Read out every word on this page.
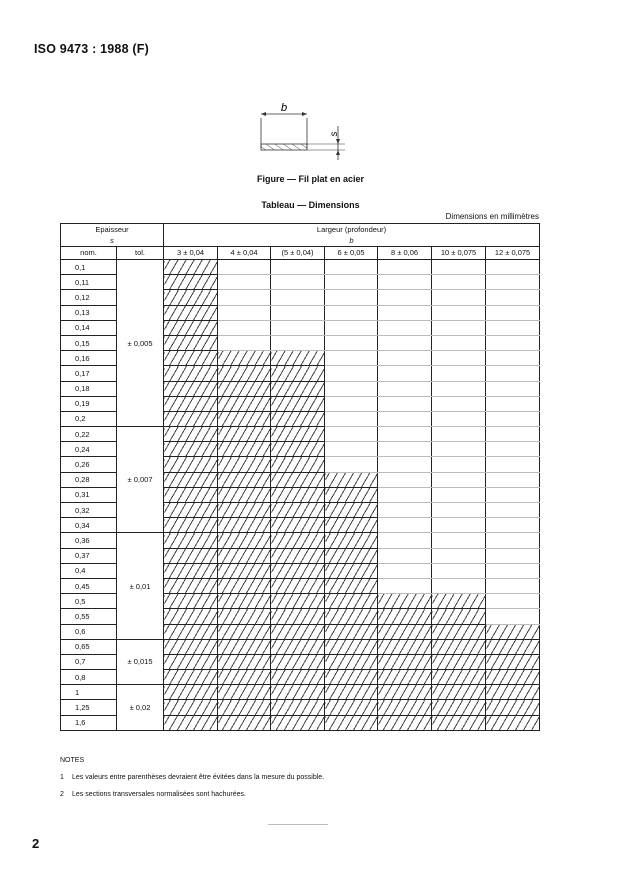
ISO 9473 : 1988 (F)
b
s
Figure — Fil plat en acier
Tableau — Dimensions
Dimensions en millimètres
Epaisseur		Largeur (profondeur)						
s		b						
nom.	tol.	3 ± 0,04	4 ± 0,04	(5 ± 0,04)	6 ± 0,05	8 ± 0,06	10 ± 0,075	12 ± 0,075
0,1	± 0,005							
0,11								
0,12								
0,13								
0,14								
0,15								
0,16								
0,17								
0,18								
0,19								
0,2								
0,22	± 0,007							
0,24								
0,26								
0,28								
0,31								
0,32								
0,34								
0,36	± 0,01							
0,37								
0,4								
0,45								
0,5								
0,55								
0,6								
0,65	± 0,015							
0,7								
0,8								
1	± 0,02							
1,25								
1,6								
NOTES
1 Les valeurs entre parenthèses devraient être évitées dans la mesure du possible.
2 Les sections transversales normalisées sont hachurées.
2
